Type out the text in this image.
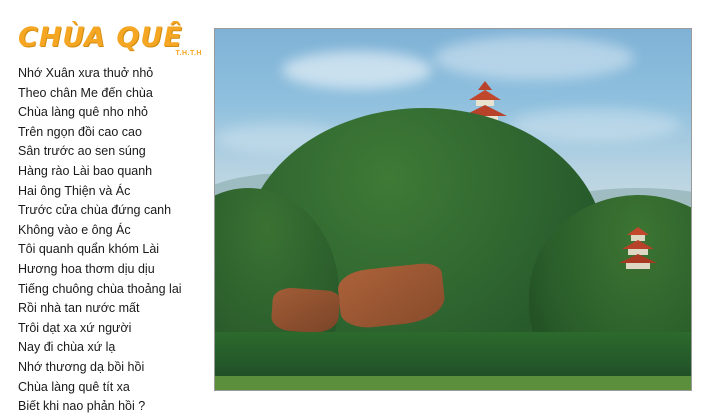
CHÙA QUÊ

T.H.T.H

Nhớ Xuân xưa thuở nhỏ
Theo chân Me đến chùa
Chùa làng quê nho nhỏ
Trên ngọn đồi cao cao
Sân trước ao sen súng
Hàng rào Lài bao quanh
Hai ông Thiện và Ác
Trước cửa chùa đứng canh
Không vào e ông Ác
Tôi quanh quẩn khóm Lài
Hương hoa thơm dịu dịu
Tiếng chuông chùa thoảng lai
Rồi nhà tan nước mất
Trôi dạt xa xứ người
Nay đi chùa xứ lạ
Nhớ thương dạ bồi hồi
Chùa làng quê tít xa
Biết khi nao phản hồi ?
